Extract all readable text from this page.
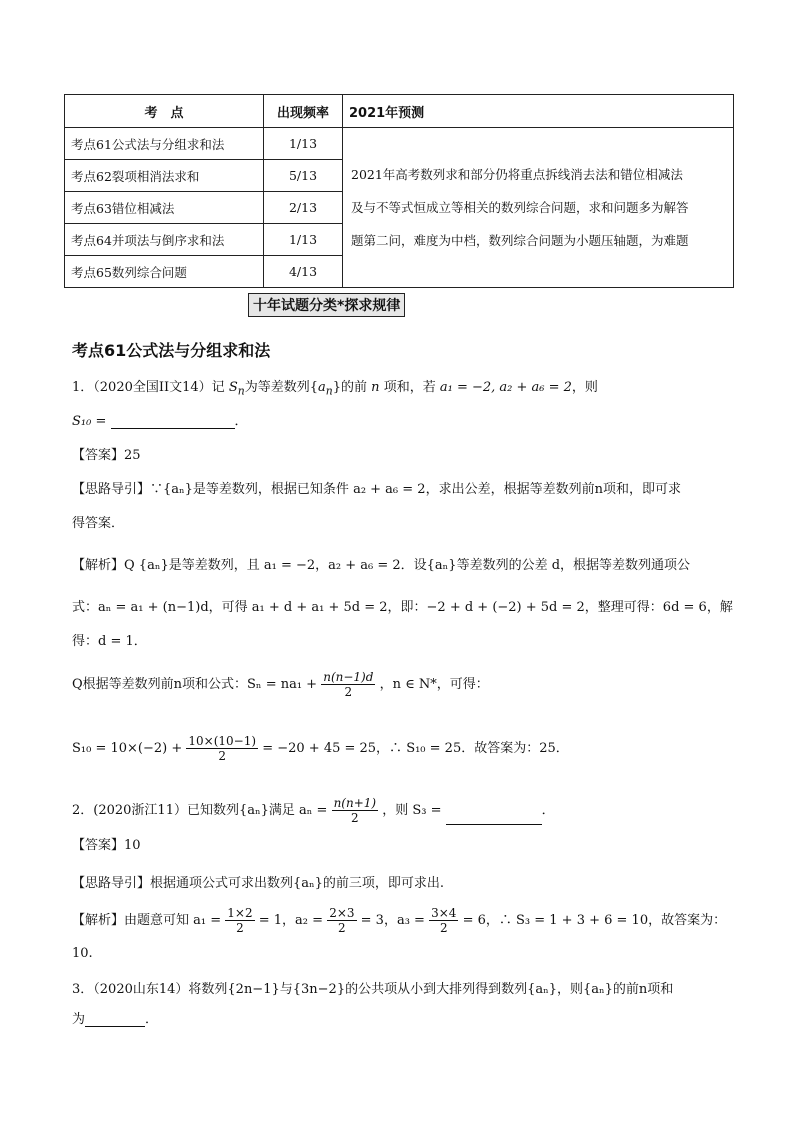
考　点	出现频率	2021年预测
考点61公式法与分组求和法	1/13	2021年高考数列求和部分仍将重点拆线消去法和错位相减法
及与不等式恒成立等相关的数列综合问题，求和问题多为解答
题第二问，难度为中档，数列综合问题为小题压轴题，为难题

考点62裂项相消法求和	5/13	
考点63错位相减法	2/13	
考点64并项法与倒序求和法	1/13	
考点65数列综合问题	4/13	
十年试题分类*探求规律
考点61公式法与分组求和法
1．（2020全国II文14）记 $S_n$为等差数列$\{a_n\}$的前 n 项和，若 a₁ = −2, a₂ + a₆ = 2，则
S₁₀ =	．
【答案】25
【思路导引】∵{aₙ}是等差数列，根据已知条件 a₂ + a₆ = 2，求出公差，根据等差数列前n项和，即可求
得答案．
【解析】Q {aₙ}是等差数列，且 a₁ = −2，a₂ + a₆ = 2．设{aₙ}等差数列的公差 d，根据等差数列通项公
式：aₙ = a₁ + (n−1)d，可得 a₁ + d + a₁ + 5d = 2，即：−2 + d + (−2) + 5d = 2，整理可得：6d = 6，解
得：d = 1．
Q根据等差数列前n项和公式：$S_n = na_1 + \frac{n(n-1)d}{2}$ ，n ∈ N*，可得：
$S_{10} = 10\times(-2) + \frac{10\times(10-1)}{2} = -20 + 45 = 25$，∴ S₁₀ = 25．故答案为：25．
2．(2020浙江11）已知数列{aₙ}满足 $a_n = \frac{n(n+1)}{2}$ ，则 S₃ =	．
【答案】10
【思路导引】根据通项公式可求出数列{aₙ}的前三项，即可求出.
【解析】由题意可知 $a_1 = \frac{1\times 2}{2} = 1$，$a_2 = \frac{2\times 3}{2} = 3$，$a_3 = \frac{3\times 4}{2} = 6$，∴ S₃ = 1 + 3 + 6 = 10，故答案为：
10.
3．（2020山东14）将数列{2n−1}与{3n−2}的公共项从小到大排列得到数列{aₙ}，则{aₙ}的前n项和
为	．
